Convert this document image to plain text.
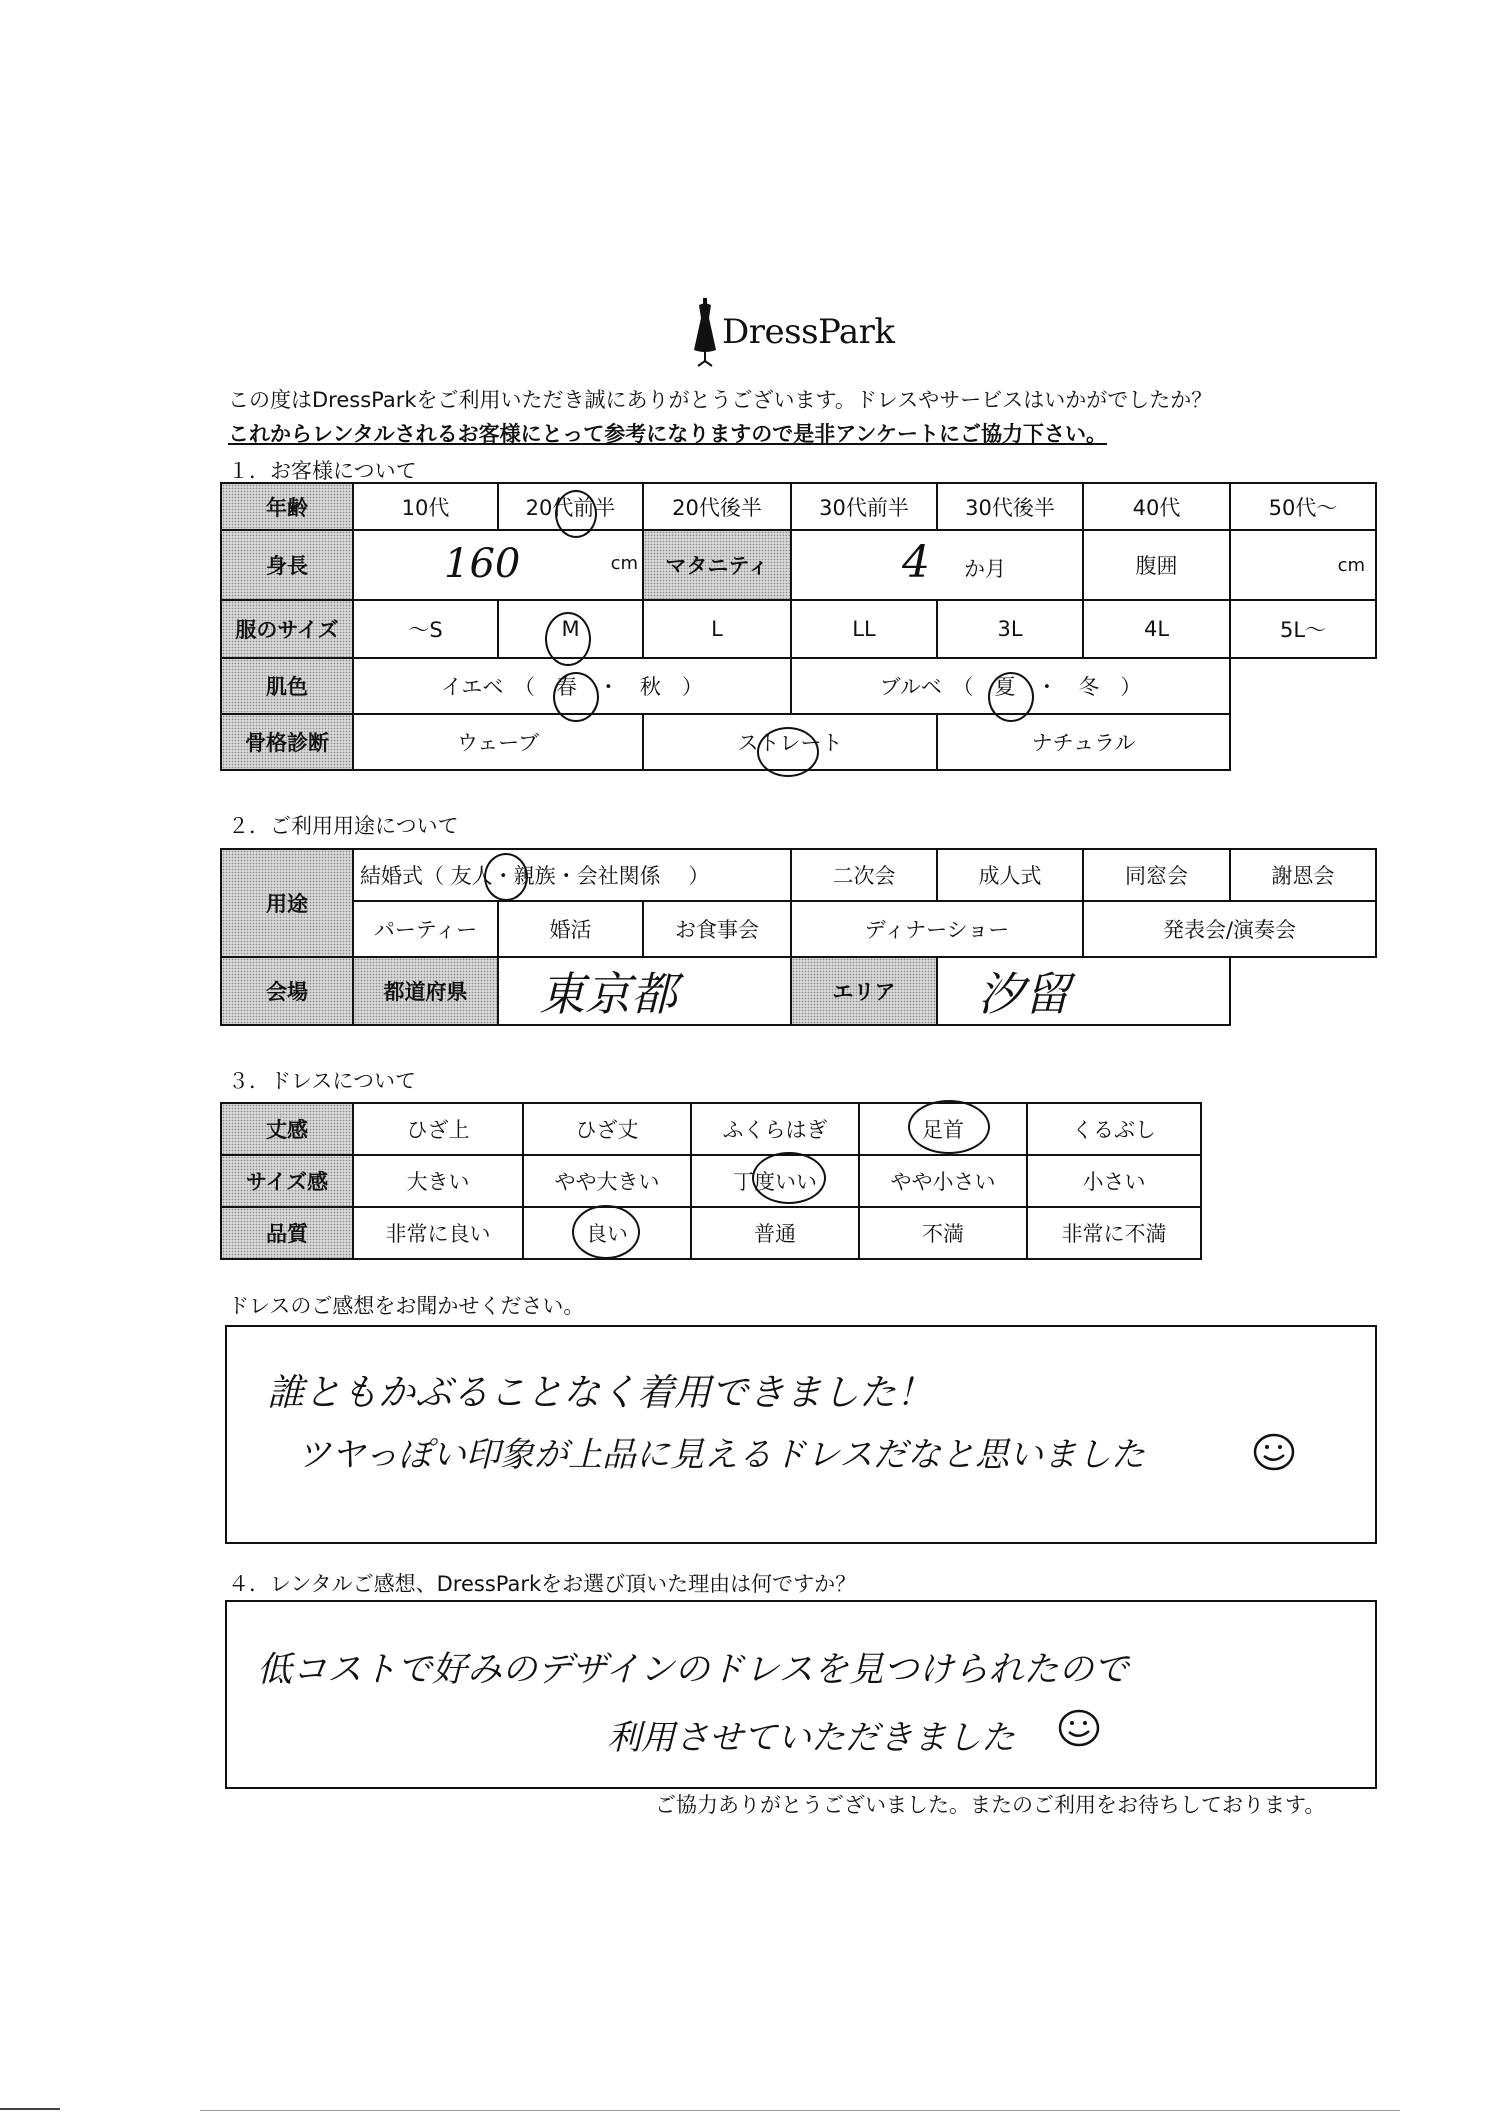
DressPark
この度はDressParkをご利用いただき誠にありがとうございます。ドレスやサービスはいかがでしたか？
これからレンタルされるお客様にとって参考になりますので是非アンケートにご協力下さい。
１．お客様について
年齢	10代	20代前半	20代後半	30代前半	30代後半	40代	50代～
身長	160 cm		マタニティ	4 か月		腹囲	cm
服のサイズ	～S	M	L	LL	3L	4L	5L～
肌色	イエベ　（　春　・　秋　）			ブルベ　（　夏　・　冬　）			
骨格診断	ウェーブ		ストレート		ナチュラル		
２．ご利用用途について
用途	結婚式（ 友人・親族・会社関係　 ）			二次会	成人式	同窓会	謝恩会
	パーティー	婚活	お食事会	ディナーショー		発表会/演奏会	
会場	都道府県	東京都		エリア	汐留		
３．ドレスについて
丈感	ひざ上	ひざ丈	ふくらはぎ	足首	くるぶし
サイズ感	大きい	やや大きい	丁度いい	やや小さい	小さい
品質	非常に良い	良い	普通	不満	非常に不満
ドレスのご感想をお聞かせください。
誰ともかぶることなく着用できました！
ツヤっぽい印象が上品に見えるドレスだなと思いました
４．レンタルご感想、DressParkをお選び頂いた理由は何ですか？
低コストで好みのデザインのドレスを見つけられたので
利用させていただきました
ご協力ありがとうございました。またのご利用をお待ちしております。
